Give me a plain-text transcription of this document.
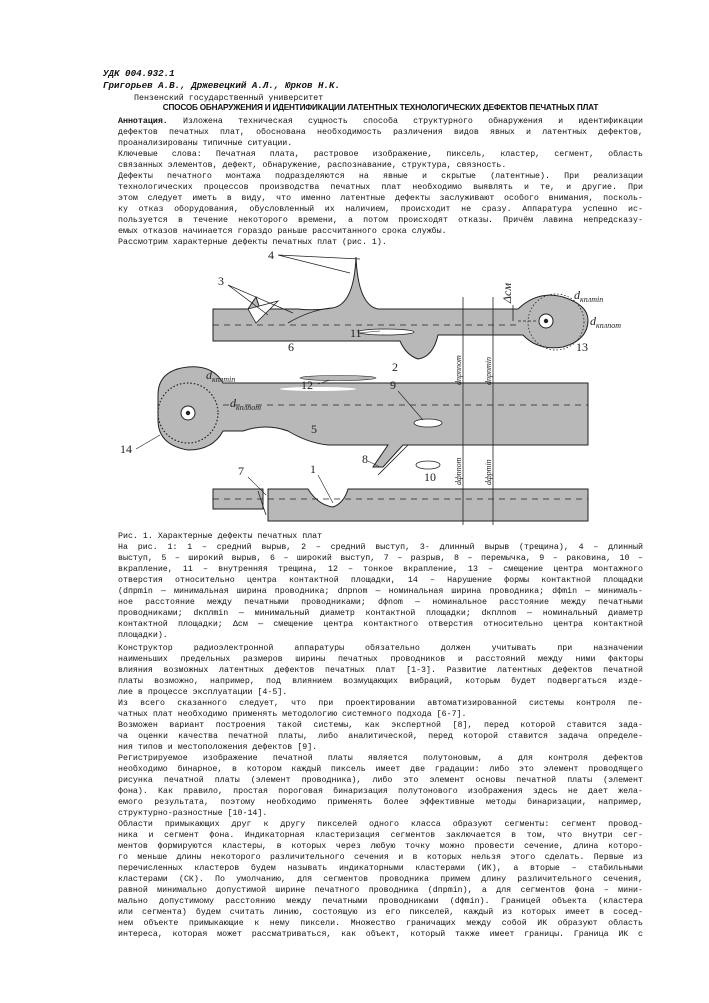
УДК 004.932.1
Григорьев А.В., Држевецкий А.Л., Юрков Н.К.
Пензенский государственный университет
СПОСОБ ОБНАРУЖЕНИЯ И ИДЕНТИФИКАЦИИ ЛАТЕНТНЫХ ТЕХНОЛОГИЧЕСКИХ ДЕФЕКТОВ ПЕЧАТНЫХ ПЛАТ
Аннотация. Изложена техническая сущность способа структурного обнаружения и идентификации
дефектов печатных плат, обоснована необходимость различения видов явных и латентных дефектов,
проанализированы типичные ситуации.
Ключевые слова: Печатная плата, растровое изображение, пиксель, кластер, сегмент, область
связанных элементов, дефект, обнаружение, распознавание, структура, связность.
Дефекты печатного монтажа подразделяются на явные и скрытые (латентные). При реализации
технологических процессов производства печатных плат необходимо выявлять и те, и другие. При
этом следует иметь в виду, что именно латентные дефекты заслуживают особого внимания, посколь-
ку отказ оборудования, обусловленный их наличием, происходит не сразу. Аппаратура успешно ис-
пользуется в течение некоторого времени, а потом происходят отказы. Причём лавина непредсказу-
емых отказов начинается гораздо раньше рассчитанного срока службы.
Рассмотрим характерные дефекты печатных плат (рис. 1).
4
3
6
11
2
12	9
5
8
10
7	1
13
14
$d_{кплmin}$
$d_{кплnom}$
$d_{кплmin}$
$d_{кплnom}$
Δсм
dпрпnom	dпрпmin
dфпnom	dфpmin
Рис. 1. Характерные дефекты печатных плат
На рис. 1: 1 – средний вырыв, 2 – средний выступ, 3- длинный вырыв (трещина), 4 – длинный
выступ, 5 – широкий вырыв, 6 – широкий выступ, 7 – разрыв, 8 – перемычка, 9 – раковина, 10 –
вкрапление, 11 – внутренняя трещина, 12 – тонкое вкрапление, 13 – смещение центра монтажного
отверстия относительно центра контактной площадки, 14 – Нарушение формы контактной площадки
(dпрmin — минимальная ширина проводника; dпрnom — номинальная ширина проводника; dфmin — минималь-
ное расстояние между печатными проводниками; dфnom — номинальное расстояние между печатными
проводниками; dкплmin — минимальный диаметр контактной площадки; dкплnom — номинальный диаметр
контактной площадки; Δсм — смещение центра контактного отверстия относительно центра контактной
площадки).
Конструктор радиоэлектронной аппаратуры обязательно должен учитывать при назначении
наименьших предельных размеров ширины печатных проводников и расстояний между ними факторы
влияния возможных латентных дефектов печатных плат [1-3]. Развитие латентных дефектов печатной
платы возможно, например, под влиянием возмущающих вибраций, которым будет подвергаться изде-
лие в процессе эксплуатации [4-5].
Из всего сказанного следует, что при проектировании автоматизированной системы контроля пе-
чатных плат необходимо применять методологию системного подхода [6-7].
Возможен вариант построения такой системы, как экспертной [8], перед которой ставится зада-
ча оценки качества печатной платы, либо аналитической, перед которой ставится задача определе-
ния типов и местоположения дефектов [9].
Регистрируемое изображение печатной платы является полутоновым, а для контроля дефектов
необходимо бинарное, в котором каждый пиксель имеет две градации: либо это элемент проводящего
рисунка печатной платы (элемент проводника), либо это элемент основы печатной платы (элемент
фона). Как правило, простая пороговая бинаризация полутонового изображения здесь не дает жела-
емого результата, поэтому необходимо применять более эффективные методы бинаризации, например,
структурно-разностные [10-14].
Области примыкающих друг к другу пикселей одного класса образуют сегменты: сегмент провод-
ника и сегмент фона. Индикаторная кластеризация сегментов заключается в том, что внутри сег-
ментов формируются кластеры, в которых через любую точку можно провести сечение, длина которо-
го меньше длины некоторого различительного сечения и в которых нельзя этого сделать. Первые из
перечисленных кластеров будем называть индикаторными кластерами (ИК), а вторые – стабильными
кластерами (СК). По умолчанию, для сегментов проводника примем длину различительного сечения,
равной минимально допустимой ширине печатного проводника (dпрmin), а для сегментов фона – мини-
мально допустимому расстоянию между печатными проводниками (dфmin). Границей объекта (кластера
или сегмента) будем считать линию, состоящую из его пикселей, каждый из которых имеет в сосед-
нем объекте примыкающие к нему пиксели. Множество граничащих между собой ИК образуют область
интереса, которая может рассматриваться, как объект, который также имеет границы. Граница ИК с
